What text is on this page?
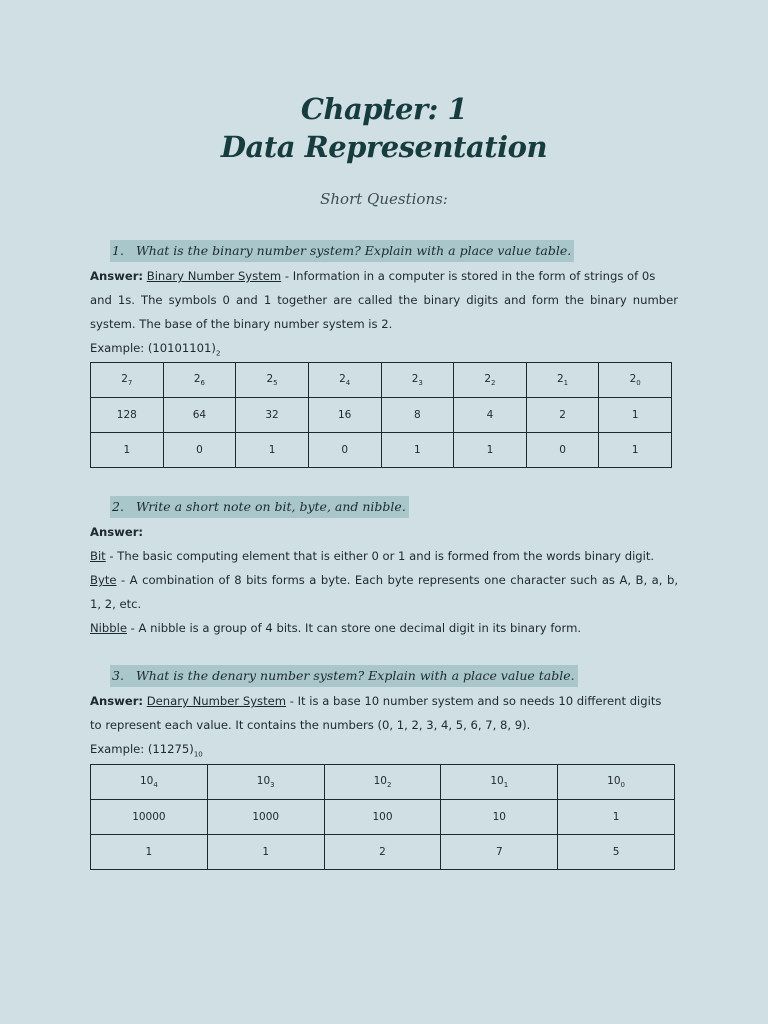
Chapter: 1
Data Representation
Short Questions:
1. What is the binary number system? Explain with a place value table.
Answer: Binary Number System - Information in a computer is stored in the form of strings of 0s
and 1s. The symbols 0 and 1 together are called the binary digits and form the binary number
system. The base of the binary number system is 2.
Example: $(10101101)_2$
$2_7$	$2_6$	$2_5$	$2_4$	$2_3$	$2_2$	$2_1$	$2_0$
128	64	32	16	8	4	2	1
1	0	1	0	1	1	0	1
2. Write a short note on bit, byte, and nibble.
Answer:
Bit - The basic computing element that is either 0 or 1 and is formed from the words binary digit.
Byte - A combination of 8 bits forms a byte. Each byte represents one character such as A, B, a, b,
1, 2, etc.
Nibble - A nibble is a group of 4 bits. It can store one decimal digit in its binary form.
3. What is the denary number system? Explain with a place value table.
Answer: Denary Number System - It is a base 10 number system and so needs 10 different digits
to represent each value. It contains the numbers (0, 1, 2, 3, 4, 5, 6, 7, 8, 9).
Example: $(11275)_{10}$
$10_4$	$10_3$	$10_2$	$10_1$	$10_0$
10000	1000	100	10	1
1	1	2	7	5
